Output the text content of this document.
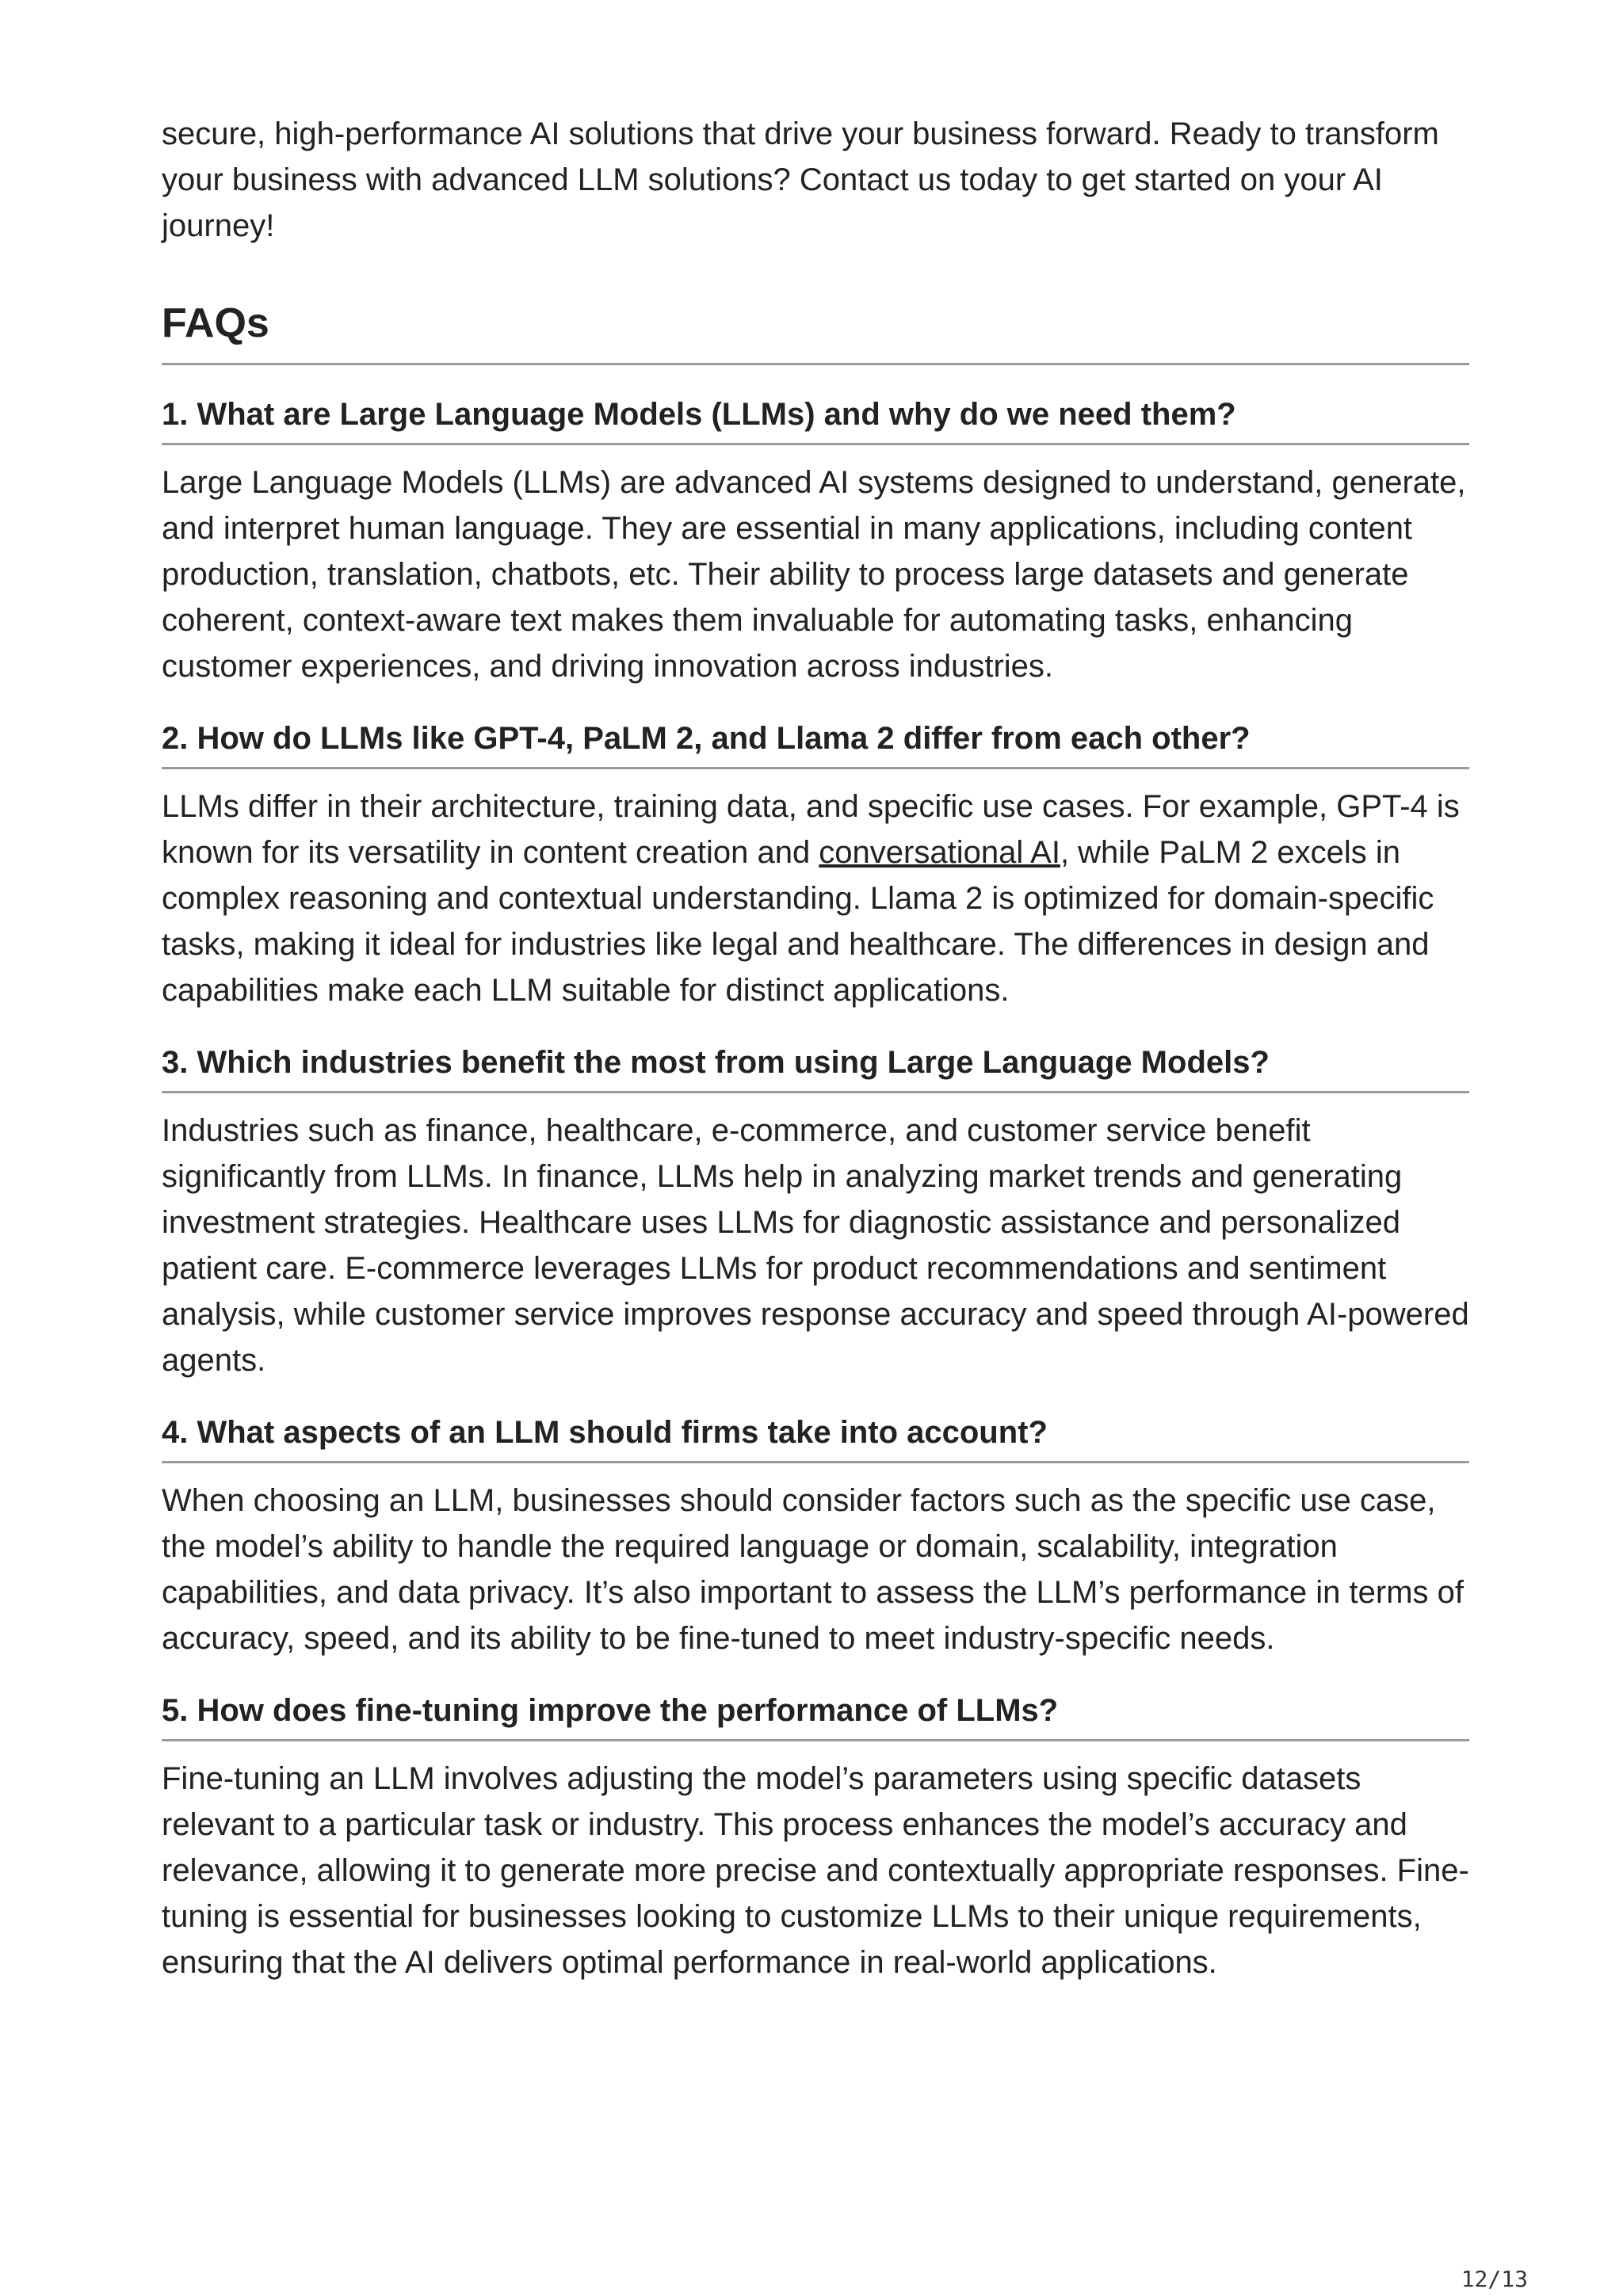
secure, high-performance AI solutions that drive your business forward. Ready to transform your business with advanced LLM solutions? Contact us today to get started on your AI journey!

FAQs
1. What are Large Language Models (LLMs) and why do we need them?

Large Language Models (LLMs) are advanced AI systems designed to understand, generate, and interpret human language. They are essential in many applications, including content production, translation, chatbots, etc. Their ability to process large datasets and generate coherent, context-aware text makes them invaluable for automating tasks, enhancing customer experiences, and driving innovation across industries.

2. How do LLMs like GPT-4, PaLM 2, and Llama 2 differ from each other?

LLMs differ in their architecture, training data, and specific use cases. For example, GPT-4 is known for its versatility in content creation and conversational AI, while PaLM 2 excels in complex reasoning and contextual understanding. Llama 2 is optimized for domain-specific tasks, making it ideal for industries like legal and healthcare. The differences in design and capabilities make each LLM suitable for distinct applications.

3. Which industries benefit the most from using Large Language Models?

Industries such as finance, healthcare, e-commerce, and customer service benefit significantly from LLMs. In finance, LLMs help in analyzing market trends and generating investment strategies. Healthcare uses LLMs for diagnostic assistance and personalized patient care. E-commerce leverages LLMs for product recommendations and sentiment analysis, while customer service improves response accuracy and speed through AI-powered agents.

4. What aspects of an LLM should firms take into account?

When choosing an LLM, businesses should consider factors such as the specific use case, the model’s ability to handle the required language or domain, scalability, integration capabilities, and data privacy. It’s also important to assess the LLM’s performance in terms of accuracy, speed, and its ability to be fine-tuned to meet industry-specific needs.

5. How does fine-tuning improve the performance of LLMs?

Fine-tuning an LLM involves adjusting the model’s parameters using specific datasets relevant to a particular task or industry. This process enhances the model’s accuracy and relevance, allowing it to generate more precise and contextually appropriate responses. Fine-tuning is essential for businesses looking to customize LLMs to their unique requirements, ensuring that the AI delivers optimal performance in real-world applications.

12/13
